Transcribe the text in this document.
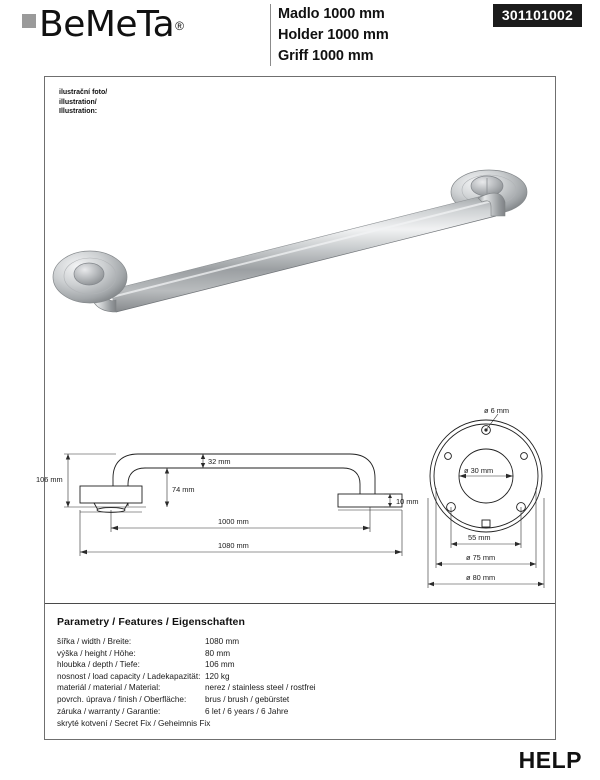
BeMeTa®
Madlo 1000 mm
Holder 1000 mm
Griff 1000 mm
301101002
ilustrační foto/
illustration/
Illustration:
106 mm
32 mm
74 mm
10 mm
1000 mm
1080 mm
ø 6 mm
ø 30 mm
55 mm
ø 75 mm
ø 80 mm
Parametry / Features / Eigenschaften
šířka / width / Breite:	1080 mm
výška / height / Höhe:	80 mm
hloubka / depth / Tiefe:	106 mm
nosnost / load capacity / Ladekapazität:	120 kg
materiál / material / Material:	nerez / stainless steel / rostfrei
povrch. úprava / finish / Oberfläche:	brus / brush / gebürstet
záruka / warranty / Garantie:	6 let / 6 years / 6 Jahre
skryté kotvení / Secret Fix / Geheimnis Fix	
HELP
